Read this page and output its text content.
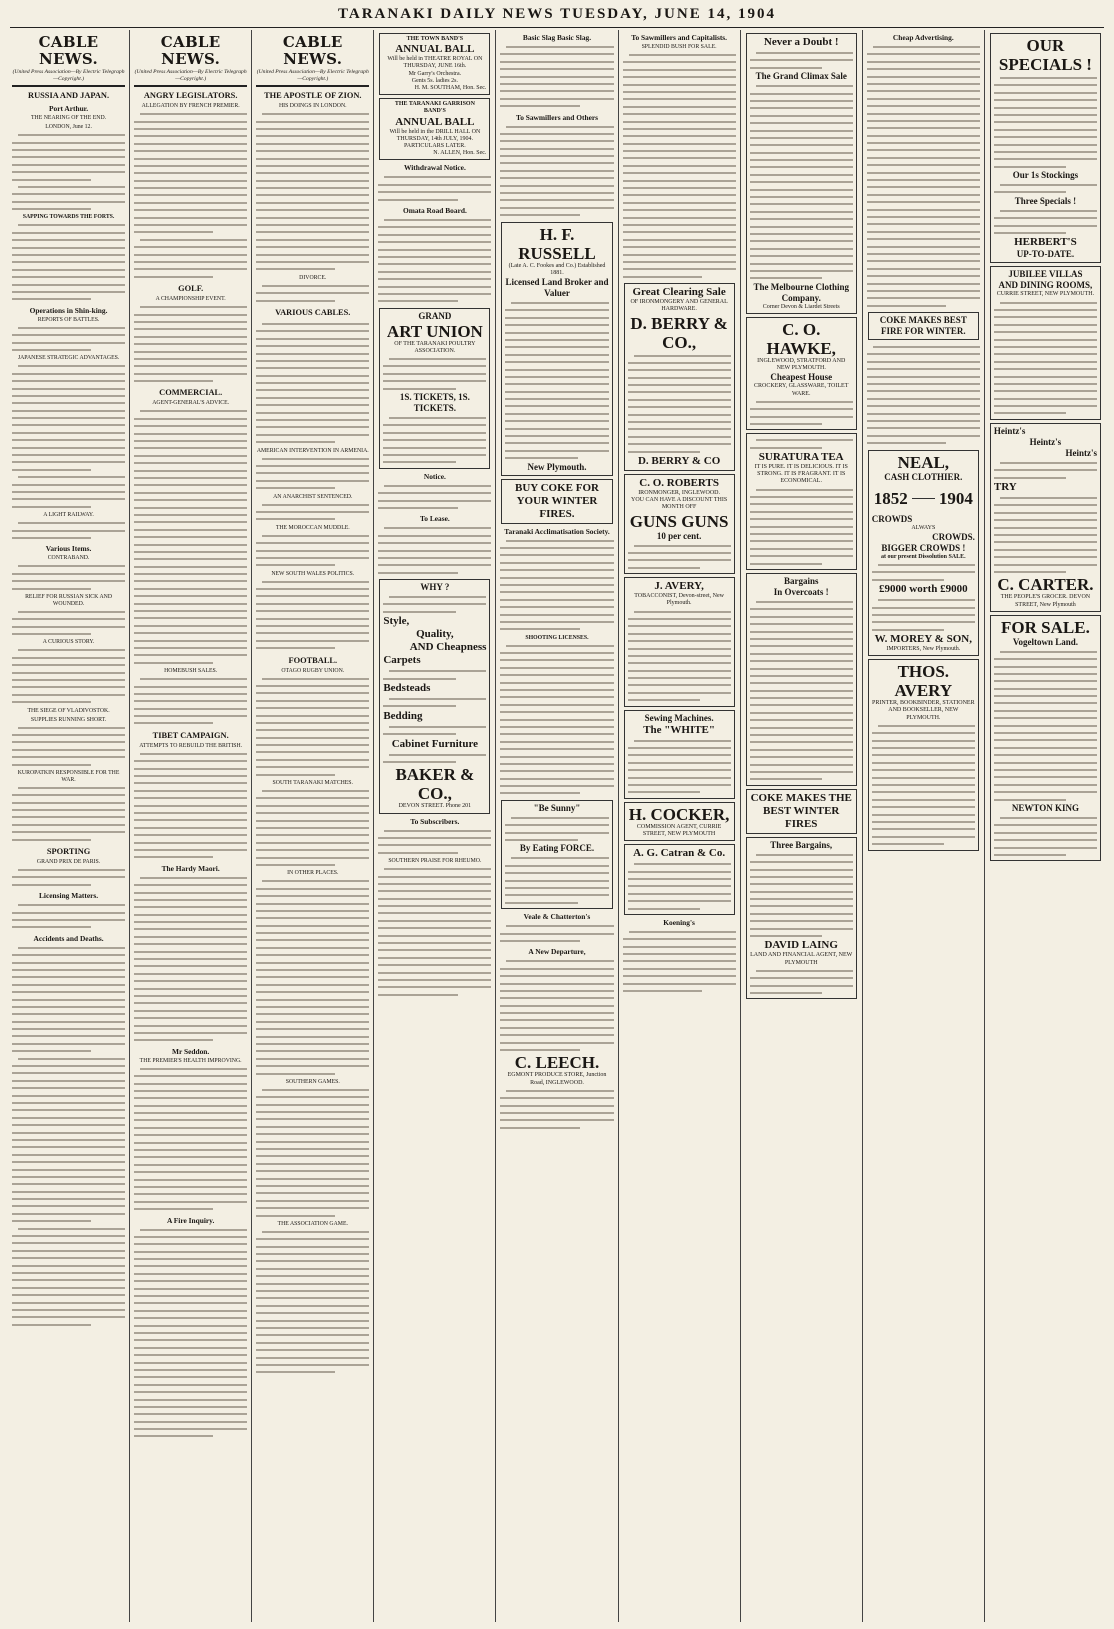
TARANAKI DAILY NEWS TUESDAY, JUNE 14, 1904
CABLE NEWS.
(United Press Association—By Electric Telegraph—Copyright.)
RUSSIA AND JAPAN.
Port Arthur.
THE NEARING OF THE END.
LONDON, June 12.
SAPPING TOWARDS THE FORTS.
Operations in Shin-king.
REPORTS OF BATTLES.
JAPANESE STRATEGIC ADVANTAGES.
A LIGHT RAILWAY.
Various Items.
CONTRABAND.
RELIEF FOR RUSSIAN SICK AND WOUNDED.
A CURIOUS STORY.
THE SIEGE OF VLADIVOSTOK.
SUPPLIES RUNNING SHORT.
KUROPATKIN RESPONSIBLE FOR THE WAR.
SPORTING
GRAND PRIX DE PARIS.
Licensing Matters.
Accidents and Deaths.
CABLE NEWS.
(United Press Association—By Electric Telegraph—Copyright.)
ANGRY LEGISLATORS.
ALLEGATION BY FRENCH PREMIER.
GOLF.
A CHAMPIONSHIP EVENT.
COMMERCIAL.
AGENT-GENERAL'S ADVICE.
HOMEBUSH SALES.
TIBET CAMPAIGN.
ATTEMPTS TO REBUILD THE BRITISH.
The Hardy Maori.
Mr Seddon.
THE PREMIER'S HEALTH IMPROVING.
A Fire Inquiry.
CABLE NEWS.
(United Press Association—By Electric Telegraph—Copyright.)
THE APOSTLE OF ZION.
HIS DOINGS IN LONDON.
DIVORCE.
VARIOUS CABLES.
AMERICAN INTERVENTION IN ARMENIA.
AN ANARCHIST SENTENCED.
THE MOROCCAN MUDDLE.
NEW SOUTH WALES POLITICS.
FOOTBALL.
OTAGO RUGBY UNION.
SOUTH TARANAKI MATCHES.
IN OTHER PLACES.
SOUTHERN GAMES.
THE ASSOCIATION GAME.
THE TOWN BAND'S
ANNUAL BALL
Will be held in THEATRE ROYAL ON THURSDAY, JUNE 16th.
Mr Garry's Orchestra.
Gents 5s. ladies 2s.
H. M. SOUTHAM, Hon. Sec.
THE TARANAKI GARRISON BAND'S
ANNUAL BALL
Will be held in the DRILL HALL ON THURSDAY, 14th JULY, 1904.
PARTICULARS LATER.
N. ALLEN, Hon. Sec.
Withdrawal Notice.
Omata Road Board.
GRAND
ART UNION
OF THE TARANAKI POULTRY ASSOCIATION.
1S. TICKETS, 1S. TICKETS.
Notice.
To Lease.
WHY ?
Style,
Quality,
AND Cheapness
Carpets
Bedsteads
Bedding
Cabinet Furniture
BAKER & CO.,
DEVON STREET. Phone 201
To Subscribers.
SOUTHERN PRAISE FOR RHEUMO.
Basic Slag Basic Slag.
To Sawmillers and Others
H. F. RUSSELL
(Late A. C. Fookes and Co.) Established 1881.
Licensed Land Broker and Valuer
New Plymouth.
BUY COKE FOR YOUR WINTER FIRES.
Taranaki Acclimatisation Society.
SHOOTING LICENSES.
"Be Sunny"
By Eating FORCE.
Veale & Chatterton's
A New Departure,
C. LEECH.
EGMONT PRODUCE STORE, Junction Road, INGLEWOOD.
To Sawmillers and Capitalists.
SPLENDID BUSH FOR SALE.
Great Clearing Sale
OF IRONMONGERY AND GENERAL HARDWARE.
D. BERRY & CO.,
D. BERRY & CO
C. O. ROBERTS
IRONMONGER, INGLEWOOD.
YOU CAN HAVE A DISCOUNT THIS MONTH OFF
GUNS GUNS
10 per cent.
J. AVERY,
TOBACCONIST, Devon-street, New Plymouth.
Sewing Machines.
The "WHITE"
H. COCKER,
COMMISSION AGENT, CURRIE STREET, NEW PLYMOUTH
A. G. Catran & Co.
Koening's
Never a Doubt !
The Grand Climax Sale
The Melbourne Clothing Company.
Corner Devon & Liardet Streets
C. O. HAWKE,
INGLEWOOD, STRATFORD AND NEW PLYMOUTH.
Cheapest House
CROCKERY, GLASSWARE, TOILET WARE.
SURATURA TEA
IT IS PURE. IT IS DELICIOUS. IT IS STRONG. IT IS FRAGRANT. IT IS ECONOMICAL.
Bargains
In Overcoats !
COKE MAKES THE BEST WINTER FIRES
Three Bargains,
DAVID LAING
LAND AND FINANCIAL AGENT, NEW PLYMOUTH
Cheap Advertising.
COKE MAKES BEST FIRE FOR WINTER.
NEAL,
CASH CLOTHIER.
1852 1904
CROWDS
ALWAYS
CROWDS.
BIGGER CROWDS !
at our present Dissolution SALE.
£9000 worth £9000
W. MOREY & SON,
IMPORTERS, New Plymouth.
THOS. AVERY
PRINTER, BOOKBINDER, STATIONER AND BOOKSELLER, NEW PLYMOUTH.
OUR
SPECIALS !
Our 1s Stockings
Three Specials !
HERBERT'S
UP-TO-DATE.
JUBILEE VILLAS
AND DINING ROOMS,
CURRIE STREET, NEW PLYMOUTH.
Heintz's
Heintz's
Heintz's
TRY
C. CARTER.
THE PEOPLE'S GROCER. DEVON STREET, New Plymouth
FOR SALE.
Vogeltown Land.
NEWTON KING
